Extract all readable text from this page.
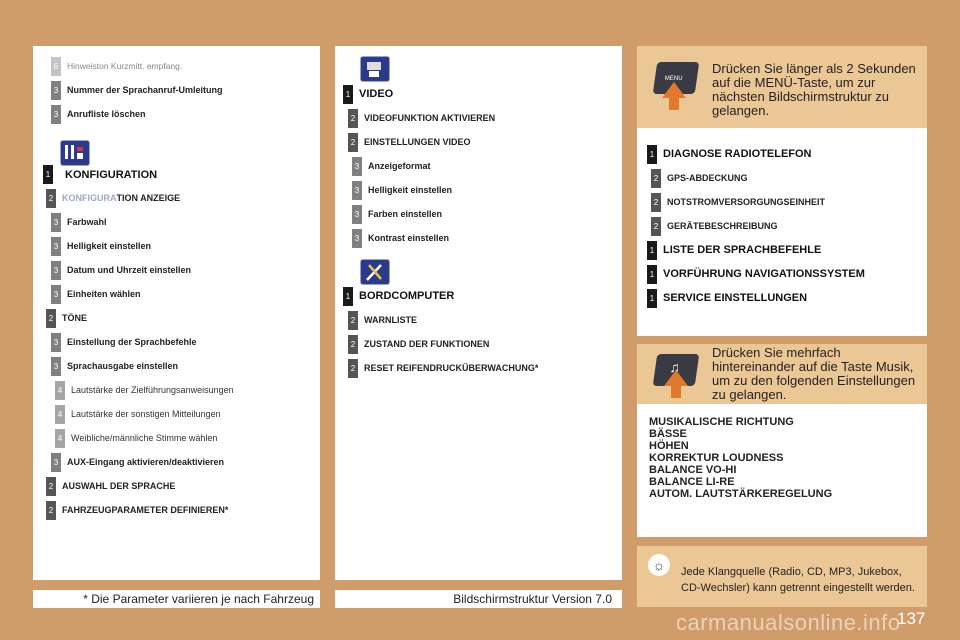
6	Hinweiston Kurzmitt. empfang.
3 Nummer der Sprachanruf-Umleitung
3 Anrufliste löschen
1	KONFIGURATION
2 KONFIGURA TION ANZEIGE
3 Farbwahl
3 Helligkeit einstellen
3 Datum und Uhrzeit einstellen
3 Einheiten wählen
2 TÖNE
3 Einstellung der Sprachbefehle
3 Sprachausgabe einstellen
4 Lautstärke der Zielführungsanweisungen
4 Lautstärke der sonstigen Mitteilungen
4 Weibliche/männliche Stimme wählen
3 AUX-Eingang aktivieren/deaktivieren
2 AUSWAHL DER SPRACHE
2 FAHRZEUGPARAMETER DEFINIEREN*
1 VIDEO
2 VIDEOFUNKTION AKTIVIEREN
2 EINSTELLUNGEN VIDEO
3 Anzeigeformat
3 Helligkeit einstellen
3 Farben einstellen
3 Kontrast einstellen
1 BORDCOMPUTER
2 WARNLISTE
2 ZUSTAND DER FUNKTIONEN
2 RESET REIFENDRUCKÜBERWACHUNG*
MENU
Drücken Sie länger als 2 Sekunden auf die MENÜ-Taste, um zur nächsten Bildschirmstruktur zu gelangen.
1 DIAGNOSE RADIOTELEFON
2 GPS-ABDECKUNG
2 NOTSTROMVERSORGUNGSEINHEIT
2 GERÄTEBESCHREIBUNG
1 LISTE DER SPRACHBEFEHLE
1 VORFÜHRUNG NAVIGATIONSSYSTEM
1 SERVICE EINSTELLUNGEN
♫
Drücken Sie mehrfach hintereinander auf die Taste Musik, um zu den folgenden Einstellungen zu gelangen.
MUSIKALISCHE RICHTUNG
BÄSSE
HÖHEN
KORREKTUR LOUDNESS
BALANCE VO-HI
BALANCE LI-RE
AUTOM. LAUTSTÄRKEREGELUNG
☼	Jede Klangquelle (Radio, CD, MP3, Jukebox, CD-Wechsler) kann getrennt eingestellt werden.
* Die Parameter variieren je nach Fahrzeug	Bildschirmstruktur Version 7.0
137
carmanualsonline.info
